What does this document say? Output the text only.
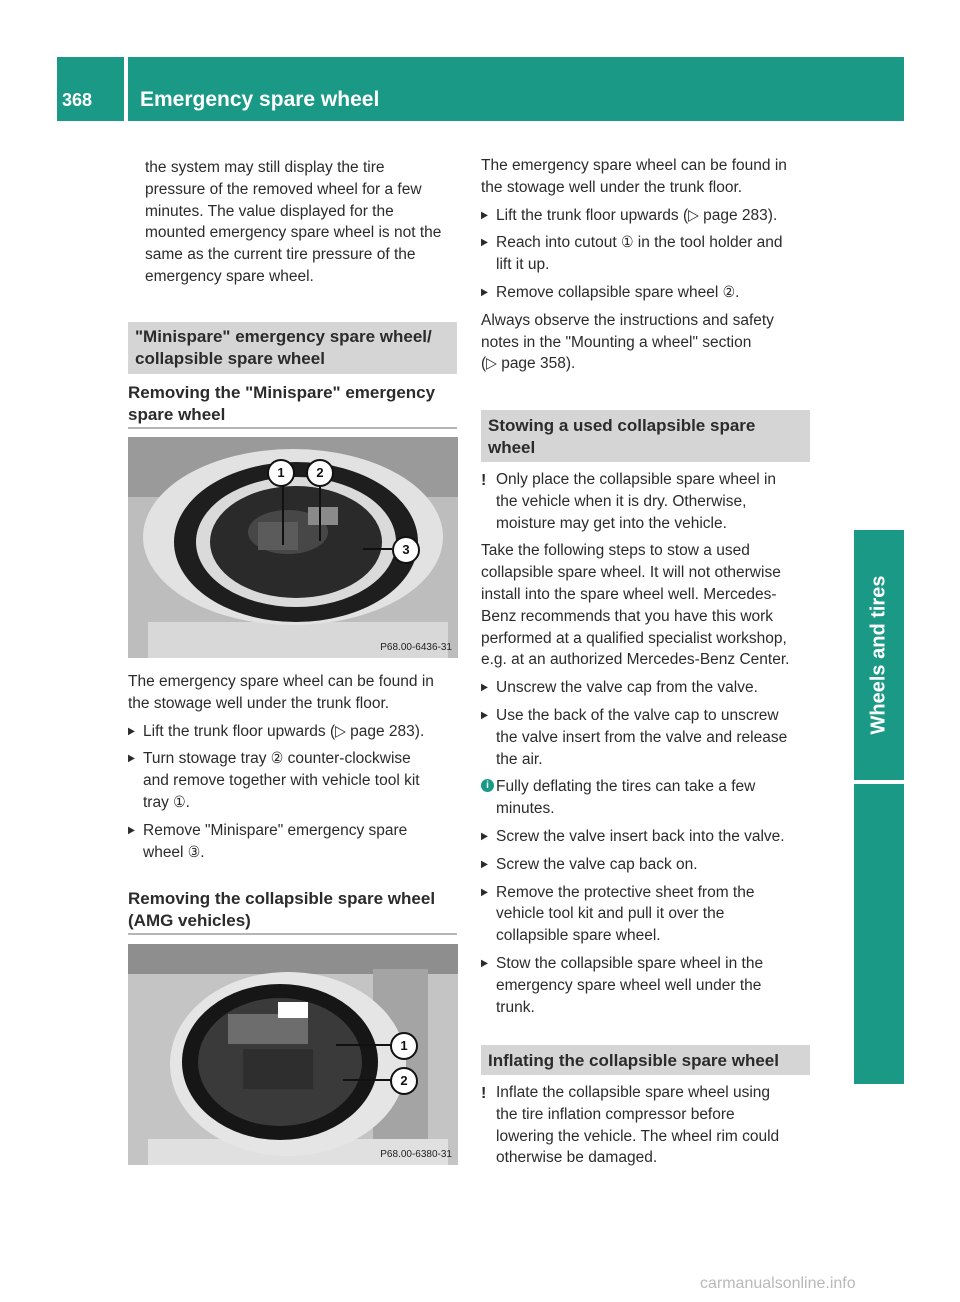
368 Emergency spare wheel
Wheels and tires
the system may still display the tire
pressure of the removed wheel for a few
minutes. The value displayed for the
mounted emergency spare wheel is not the
same as the current tire pressure of the
emergency spare wheel.
"Minispare" emergency spare wheel/
collapsible spare wheel
Removing the "Minispare" emergency
spare wheel
1	2
3
P68.00-6436-31
The emergency spare wheel can be found in
the stowage well under the trunk floor.
▶ Lift the trunk floor upwards (▷ page 283).
▶ Turn stowage tray ② counter-clockwise
and remove together with vehicle tool kit
tray ①.
▶ Remove "Minispare" emergency spare
wheel ③.
Removing the collapsible spare wheel
(AMG vehicles)
1
2
P68.00-6380-31
The emergency spare wheel can be found in
the stowage well under the trunk floor.
▶ Lift the trunk floor upwards (▷ page 283).
▶ Reach into cutout ① in the tool holder and
lift it up.
▶ Remove collapsible spare wheel ②.
Always observe the instructions and safety
notes in the "Mounting a wheel" section
(▷ page 358).
Stowing a used collapsible spare
wheel
! Only place the collapsible spare wheel in
the vehicle when it is dry. Otherwise,
moisture may get into the vehicle.
Take the following steps to stow a used
collapsible spare wheel. It will not otherwise
install into the spare wheel well. Mercedes-
Benz recommends that you have this work
performed at a qualified specialist workshop,
e.g. at an authorized Mercedes-Benz Center.
▶ Unscrew the valve cap from the valve.
▶ Use the back of the valve cap to unscrew
the valve insert from the valve and release
the air.
i Fully deflating the tires can take a few
minutes.
▶ Screw the valve insert back into the valve.
▶ Screw the valve cap back on.
▶ Remove the protective sheet from the
vehicle tool kit and pull it over the
collapsible spare wheel.
▶ Stow the collapsible spare wheel in the
emergency spare wheel well under the
trunk.
Inflating the collapsible spare wheel
! Inflate the collapsible spare wheel using
the tire inflation compressor before
lowering the vehicle. The wheel rim could
otherwise be damaged.
carmanualsonline.info
